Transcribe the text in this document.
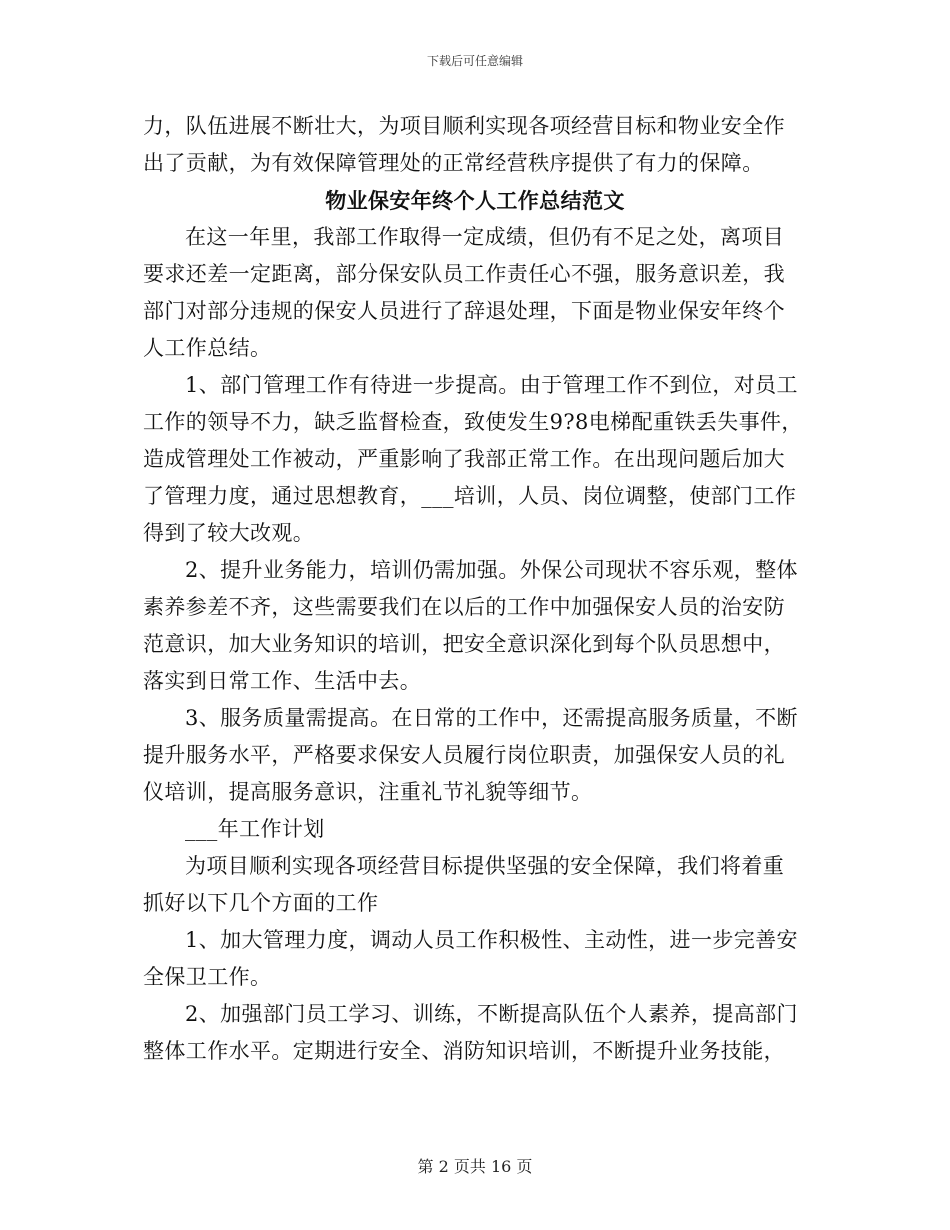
下载后可任意编辑
力，队伍进展不断壮大，为项目顺利实现各项经营目标和物业安全作
出了贡献，为有效保障管理处的正常经营秩序提供了有力的保障。
物业保安年终个人工作总结范文
在这一年里，我部工作取得一定成绩，但仍有不足之处，离项目
要求还差一定距离，部分保安队员工作责任心不强，服务意识差，我
部门对部分违规的保安人员进行了辞退处理，下面是物业保安年终个
人工作总结。
1、部门管理工作有待进一步提高。由于管理工作不到位，对员工
工作的领导不力，缺乏监督检查，致使发生9?8电梯配重铁丢失事件，
造成管理处工作被动，严重影响了我部正常工作。在出现问题后加大
了管理力度，通过思想教育，___培训，人员、岗位调整，使部门工作
得到了较大改观。
2、提升业务能力，培训仍需加强。外保公司现状不容乐观，整体
素养参差不齐，这些需要我们在以后的工作中加强保安人员的治安防
范意识，加大业务知识的培训，把安全意识深化到每个队员思想中，
落实到日常工作、生活中去。
3、服务质量需提高。在日常的工作中，还需提高服务质量，不断
提升服务水平，严格要求保安人员履行岗位职责，加强保安人员的礼
仪培训，提高服务意识，注重礼节礼貌等细节。
___年工作计划
为项目顺利实现各项经营目标提供坚强的安全保障，我们将着重
抓好以下几个方面的工作
1、加大管理力度，调动人员工作积极性、主动性，进一步完善安
全保卫工作。
2、加强部门员工学习、训练，不断提高队伍个人素养，提高部门
整体工作水平。定期进行安全、消防知识培训，不断提升业务技能，
第 2 页共 16 页
